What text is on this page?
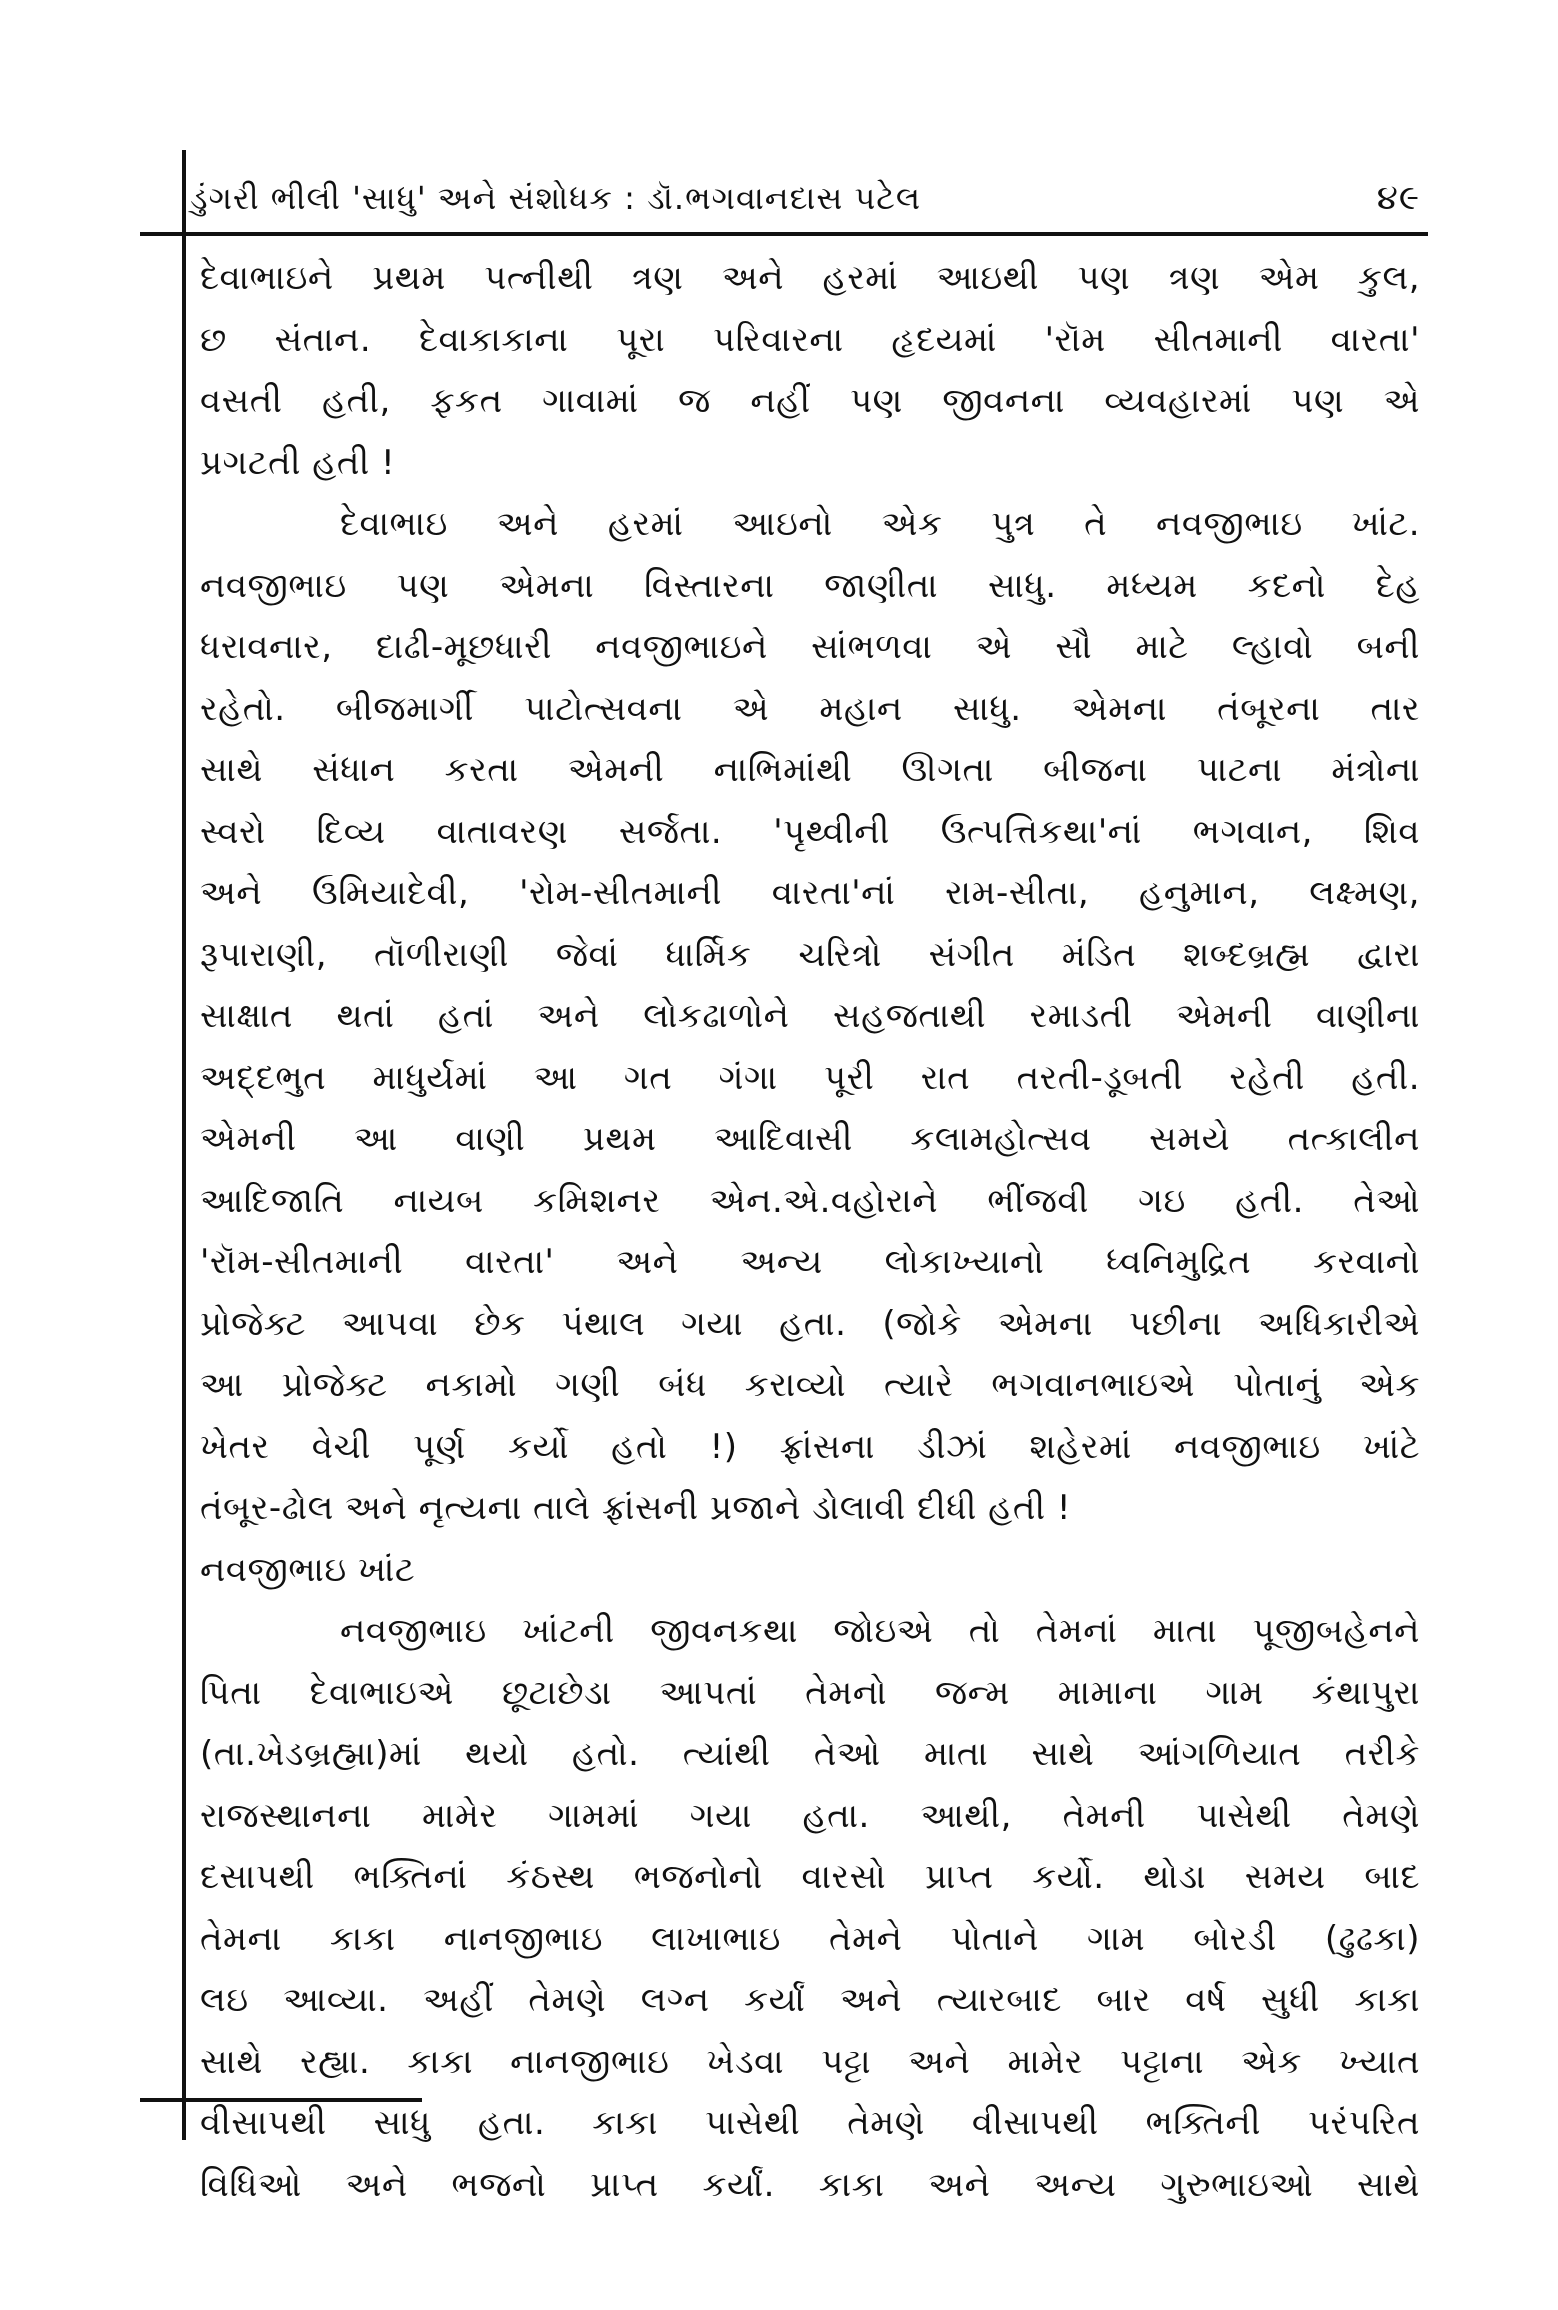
ડુંગરી ભીલી 'સાધુ' અને સંશોધક : ડૉ.ભગવાનદાસ પટેલ	૪૯
દેવાભાઇને પ્રથમ પત્નીથી ત્રણ અને હરમાં આઇથી પણ ત્રણ એમ કુલ,
છ સંતાન. દેવાકાકાના પૂરા પરિવારના હૃદયમાં 'રૉમ સીતમાની વારતા'
વસતી હતી, ફકત ગાવામાં જ નહીં પણ જીવનના વ્યવહારમાં પણ એ
પ્રગટતી હતી !
દેવાભાઇ અને હરમાં આઇનો એક પુત્ર તે નવજીભાઇ ખાંટ.
નવજીભાઇ પણ એમના વિસ્તારના જાણીતા સાધુ. મધ્યમ કદનો દેહ
ધરાવનાર, દાઢી-મૂછધારી નવજીભાઇને સાંભળવા એ સૌ માટે લ્હાવો બની
રહેતો. બીજમાર્ગી પાટોત્સવના એ મહાન સાધુ. એમના તંબૂરના તાર
સાથે સંધાન કરતા એમની નાભિમાંથી ઊગતા બીજના પાટના મંત્રોના
સ્વરો દિવ્ય વાતાવરણ સર્જતા. 'પૃથ્વીની ઉત્પત્તિકથા'નાં ભગવાન, શિવ
અને ઉમિયાદેવી, 'રોમ-સીતમાની વારતા'નાં રામ-સીતા, હનુમાન, લક્ષ્મણ,
રૂપારાણી, તૉળીરાણી જેવાં ધાર્મિક ચરિત્રો સંગીત મંડિત શબ્દબ્રહ્મ દ્વારા
સાક્ષાત થતાં હતાં અને લોકઢાળોને સહજતાથી રમાડતી એમની વાણીના
અદ્દભુત માધુર્યમાં આ ગત ગંગા પૂરી રાત તરતી-ડૂબતી રહેતી હતી.
એમની આ વાણી પ્રથમ આદિવાસી કલામહોત્સવ સમયે તત્કાલીન
આદિજાતિ નાયબ કમિશનર એન.એ.વહોરાને ભીંજવી ગઇ હતી. તેઓ
'રૉમ-સીતમાની વારતા' અને અન્ય લોકાખ્યાનો ધ્વનિમુદ્રિત કરવાનો
પ્રોજેક્ટ આપવા છેક પંથાલ ગયા હતા. (જોકે એમના પછીના અધિકારીએ
આ પ્રોજેક્ટ નકામો ગણી બંધ કરાવ્યો ત્યારે ભગવાનભાઇએ પોતાનું એક
ખેતર વેચી પૂર્ણ કર્યો હતો !) ફ્રાંસના ડીઝાં શહેરમાં નવજીભાઇ ખાંટે
તંબૂર-ઢોલ અને નૃત્યના તાલે ફ્રાંસની પ્રજાને ડોલાવી દીધી હતી !
નવજીભાઇ ખાંટ
નવજીભાઇ ખાંટની જીવનકથા જોઇએ તો તેમનાં માતા પૂજીબહેનને
પિતા દેવાભાઇએ છૂટાછેડા આપતાં તેમનો જન્મ મામાના ગામ કંથાપુરા
(તા.ખેડબ્રહ્મા)માં થયો હતો. ત્યાંથી તેઓ માતા સાથે આંગળિયાત તરીકે
રાજસ્થાનના મામેર ગામમાં ગયા હતા. આથી, તેમની પાસેથી તેમણે
દસાપથી ભક્તિનાં કંઠસ્થ ભજનોનો વારસો પ્રાપ્ત કર્યો. થોડા સમય બાદ
તેમના કાકા નાનજીભાઇ લાખાભાઇ તેમને પોતાને ગામ બોરડી (ઢુઢકા)
લઇ આવ્યા. અહીં તેમણે લગ્ન કર્યાં અને ત્યારબાદ બાર વર્ષ સુધી કાકા
સાથે રહ્યા. કાકા નાનજીભાઇ ખેડવા પટ્ટા અને મામેર પટ્ટાના એક ખ્યાત
વીસાપથી સાધુ હતા. કાકા પાસેથી તેમણે વીસાપથી ભક્તિની પરંપરિત
વિધિઓ અને ભજનો પ્રાપ્ત કર્યાં. કાકા અને અન્ય ગુરુભાઇઓ સાથે
